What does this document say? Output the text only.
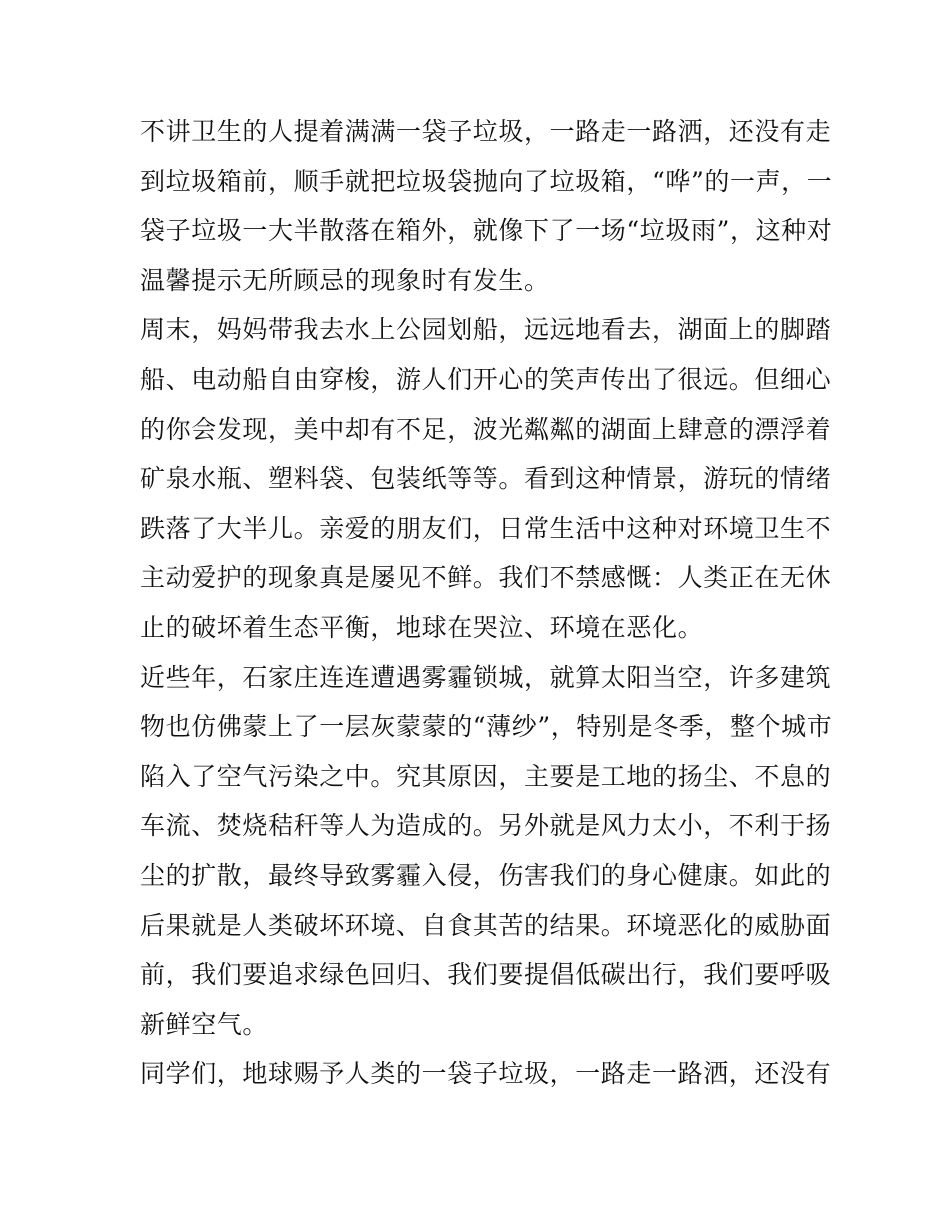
不讲卫生的人提着满满一袋子垃圾，一路走一路洒，还没有走
到垃圾箱前，顺手就把垃圾袋抛向了垃圾箱，“哗”的一声，一
袋子垃圾一大半散落在箱外，就像下了一场“垃圾雨”，这种对
温馨提示无所顾忌的现象时有发生。
周末，妈妈带我去水上公园划船，远远地看去，湖面上的脚踏
船、电动船自由穿梭，游人们开心的笑声传出了很远。但细心
的你会发现，美中却有不足，波光粼粼的湖面上肆意的漂浮着
矿泉水瓶、塑料袋、包装纸等等。看到这种情景，游玩的情绪
跌落了大半儿。亲爱的朋友们，日常生活中这种对环境卫生不
主动爱护的现象真是屡见不鲜。我们不禁感慨：人类正在无休
止的破坏着生态平衡，地球在哭泣、环境在恶化。
近些年，石家庄连连遭遇雾霾锁城，就算太阳当空，许多建筑
物也仿佛蒙上了一层灰蒙蒙的“薄纱”，特别是冬季，整个城市
陷入了空气污染之中。究其原因，主要是工地的扬尘、不息的
车流、焚烧秸秆等人为造成的。另外就是风力太小，不利于扬
尘的扩散，最终导致雾霾入侵，伤害我们的身心健康。如此的
后果就是人类破坏环境、自食其苦的结果。环境恶化的威胁面
前，我们要追求绿色回归、我们要提倡低碳出行，我们要呼吸
新鲜空气。
同学们，地球赐予人类的一袋子垃圾，一路走一路洒，还没有
